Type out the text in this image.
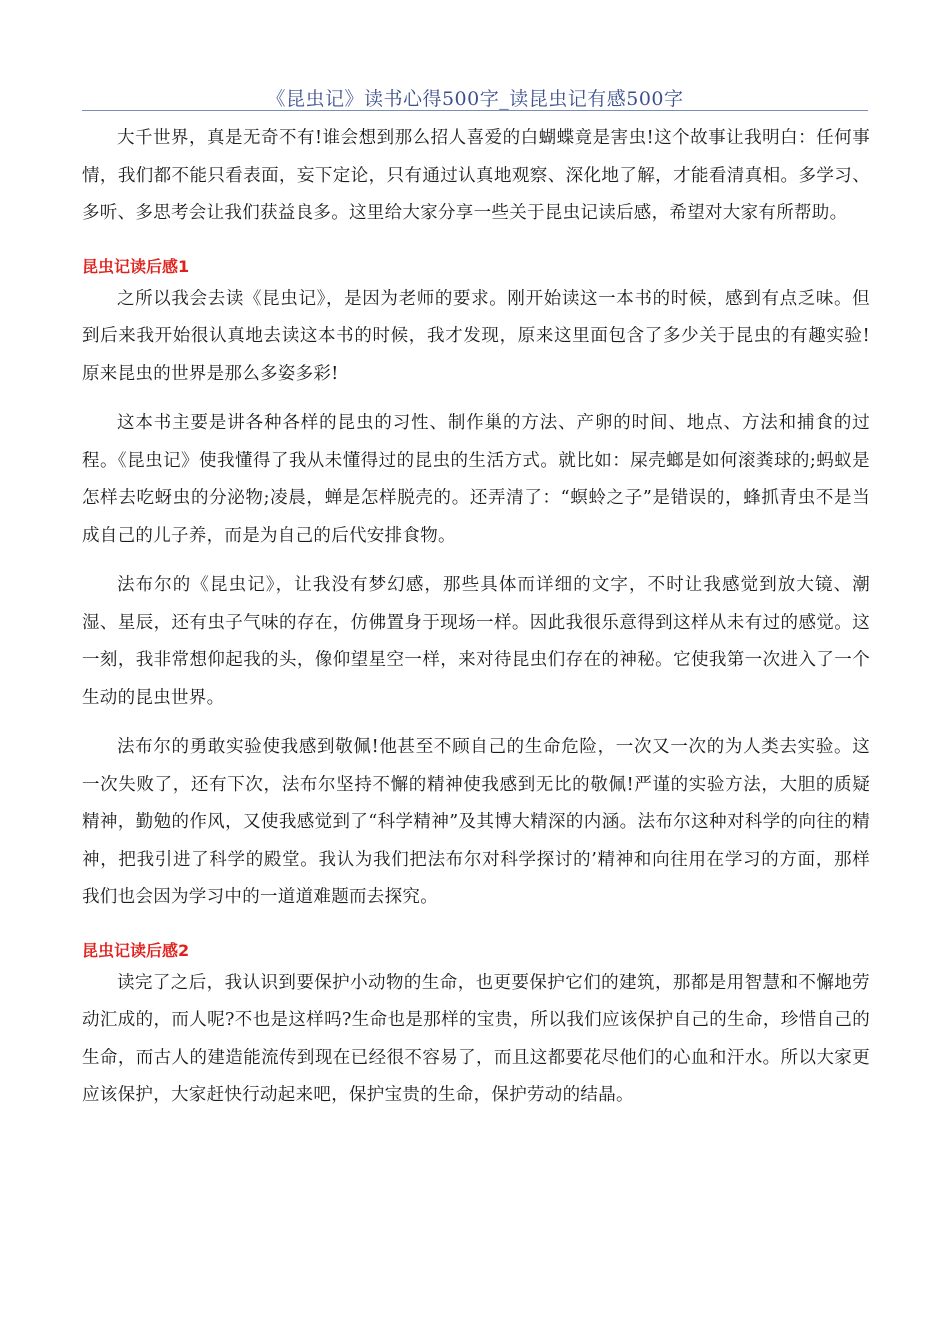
《昆虫记》读书心得500字_读昆虫记有感500字

大千世界，真是无奇不有!谁会想到那么招人喜爱的白蝴蝶竟是害虫!这个故事让我明白：任何事情，我们都不能只看表面，妄下定论，只有通过认真地观察、深化地了解，才能看清真相。多学习、多听、多思考会让我们获益良多。这里给大家分享一些关于昆虫记读后感，希望对大家有所帮助。

昆虫记读后感1

之所以我会去读《昆虫记》，是因为老师的要求。刚开始读这一本书的时候，感到有点乏味。但到后来我开始很认真地去读这本书的时候，我才发现，原来这里面包含了多少关于昆虫的有趣实验!原来昆虫的世界是那么多姿多彩!

这本书主要是讲各种各样的昆虫的习性、制作巢的方法、产卵的时间、地点、方法和捕食的过程。《昆虫记》使我懂得了我从未懂得过的昆虫的生活方式。就比如：屎壳螂是如何滚粪球的;蚂蚁是怎样去吃蚜虫的分泌物;凌晨，蝉是怎样脱壳的。还弄清了：“螟蛉之子”是错误的，蜂抓青虫不是当成自己的儿子养，而是为自己的后代安排食物。

法布尔的《昆虫记》，让我没有梦幻感，那些具体而详细的文字，不时让我感觉到放大镜、潮湿、星辰，还有虫子气味的存在，仿佛置身于现场一样。因此我很乐意得到这样从未有过的感觉。这一刻，我非常想仰起我的头，像仰望星空一样，来对待昆虫们存在的神秘。它使我第一次进入了一个生动的昆虫世界。

法布尔的勇敢实验使我感到敬佩!他甚至不顾自己的生命危险，一次又一次的为人类去实验。这一次失败了，还有下次，法布尔坚持不懈的精神使我感到无比的敬佩!严谨的实验方法，大胆的质疑精神，勤勉的作风，又使我感觉到了“科学精神”及其博大精深的内涵。法布尔这种对科学的向往的精神，把我引进了科学的殿堂。我认为我们把法布尔对科学探讨的’精神和向往用在学习的方面，那样我们也会因为学习中的一道道难题而去探究。

昆虫记读后感2

读完了之后，我认识到要保护小动物的生命，也更要保护它们的建筑，那都是用智慧和不懈地劳动汇成的，而人呢?不也是这样吗?生命也是那样的宝贵，所以我们应该保护自己的生命，珍惜自己的生命，而古人的建造能流传到现在已经很不容易了，而且这都要花尽他们的心血和汗水。所以大家更应该保护，大家赶快行动起来吧，保护宝贵的生命，保护劳动的结晶。
